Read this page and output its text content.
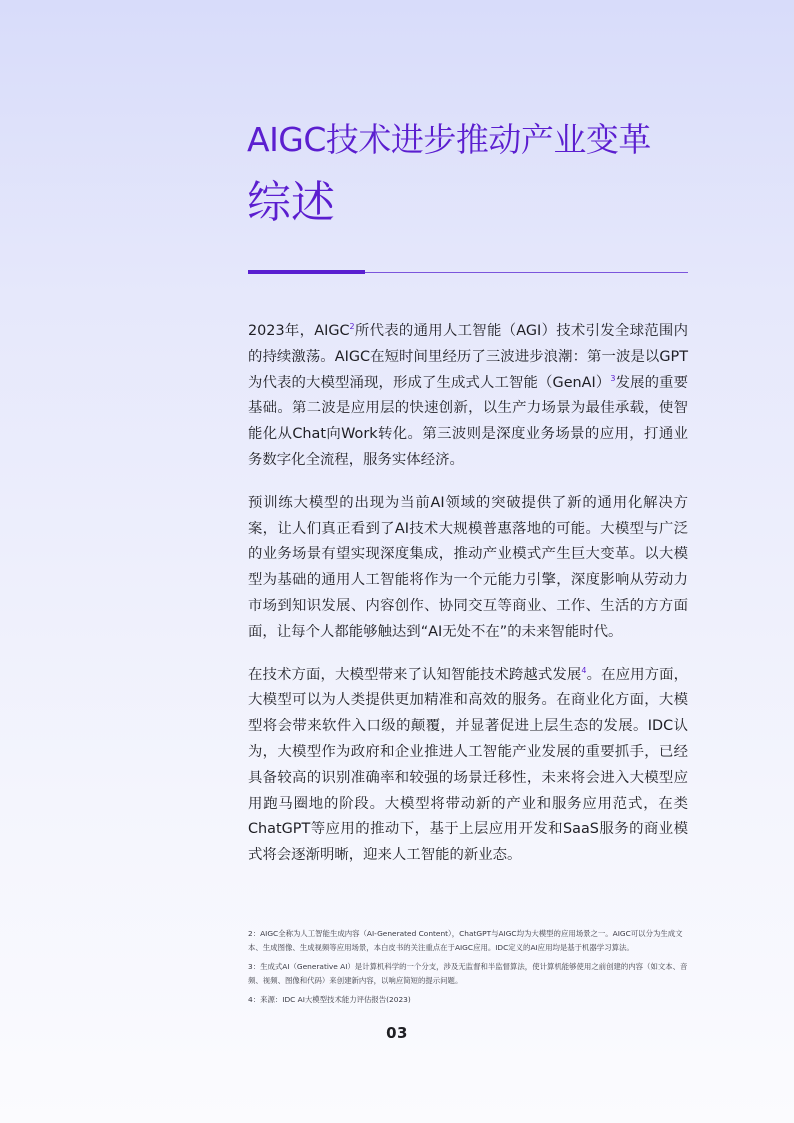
AIGC技术进步推动产业变革
综述

2023年，AIGC$^2$所代表的通用人工智能（AGI）技术引发全球范围内的持续激荡。AIGC在短时间里经历了三波进步浪潮：第一波是以GPT为代表的大模型涌现，形成了生成式人工智能（GenAI）$^3$发展的重要基础。第二波是应用层的快速创新，以生产力场景为最佳承载，使智能化从Chat向Work转化。第三波则是深度业务场景的应用，打通业务数字化全流程，服务实体经济。

预训练大模型的出现为当前AI领域的突破提供了新的通用化解决方案，让人们真正看到了AI技术大规模普惠落地的可能。大模型与广泛的业务场景有望实现深度集成，推动产业模式产生巨大变革。以大模型为基础的通用人工智能将作为一个元能力引擎，深度影响从劳动力市场到知识发展、内容创作、协同交互等商业、工作、生活的方方面面，让每个人都能够触达到“AI无处不在”的未来智能时代。

在技术方面，大模型带来了认知智能技术跨越式发展$^4$。在应用方面，大模型可以为人类提供更加精准和高效的服务。在商业化方面，大模型将会带来软件入口级的颠覆，并显著促进上层生态的发展。IDC认为，大模型作为政府和企业推进人工智能产业发展的重要抓手，已经具备较高的识别准确率和较强的场景迁移性，未来将会进入大模型应用跑马圈地的阶段。大模型将带动新的产业和服务应用范式，在类ChatGPT等应用的推动下，基于上层应用开发和SaaS服务的商业模式将会逐渐明晰，迎来人工智能的新业态。

2：AIGC全称为人工智能生成内容（AI-Generated Content），ChatGPT与AIGC均为大模型的应用场景之一。AIGC可以分为生成文本、生成图像、生成视频等应用场景，本白皮书的关注重点在于AIGC应用。IDC定义的AI应用均是基于机器学习算法。

3：生成式AI（Generative AI）是计算机科学的一个分支，涉及无监督和半监督算法，使计算机能够使用之前创建的内容（如文本、音频、视频、图像和代码）来创建新内容，以响应简短的提示问题。

4：来源：IDC AI大模型技术能力评估报告(2023)

03
